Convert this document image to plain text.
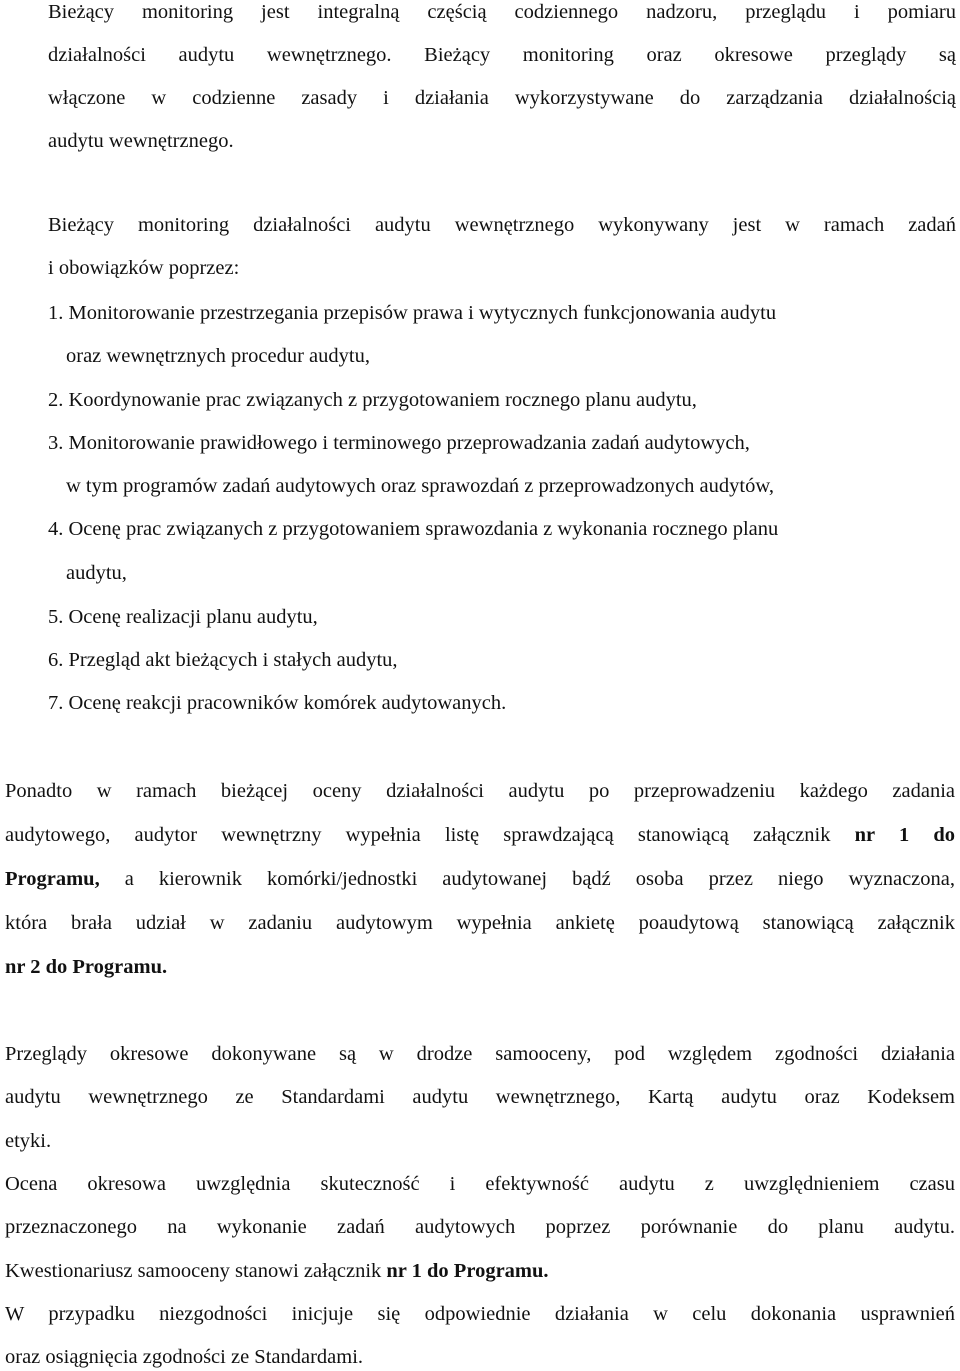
Bieżący monitoring jest integralną częścią codziennego nadzoru, przeglądu i pomiaru
działalności audytu wewnętrznego. Bieżący monitoring oraz okresowe przeglądy są
włączone w codzienne zasady i działania wykorzystywane do zarządzania działalnością
audytu wewnętrznego.
Bieżący monitoring działalności audytu wewnętrznego wykonywany jest w ramach zadań
i obowiązków poprzez:
1. Monitorowanie przestrzegania przepisów prawa i wytycznych funkcjonowania audytu
oraz wewnętrznych procedur audytu,
2. Koordynowanie prac związanych z przygotowaniem rocznego planu audytu,
3. Monitorowanie prawidłowego i terminowego przeprowadzania zadań audytowych,
w tym programów zadań audytowych oraz sprawozdań z przeprowadzonych audytów,
4. Ocenę prac związanych z przygotowaniem sprawozdania z wykonania rocznego planu
audytu,
5. Ocenę realizacji planu audytu,
6. Przegląd akt bieżących i stałych audytu,
7. Ocenę reakcji pracowników komórek audytowanych.
Ponadto w ramach bieżącej oceny działalności audytu po przeprowadzeniu każdego zadania
audytowego, audytor wewnętrzny wypełnia listę sprawdzającą stanowiącą załącznik nr 1 do
Programu, a kierownik komórki/jednostki audytowanej bądź osoba przez niego wyznaczona,
która brała udział w zadaniu audytowym wypełnia ankietę poaudytową stanowiącą załącznik
nr 2 do Programu.
Przeglądy okresowe dokonywane są w drodze samooceny, pod względem zgodności działania
audytu wewnętrznego ze Standardami audytu wewnętrznego, Kartą audytu oraz Kodeksem
etyki.
Ocena okresowa uwzględnia skuteczność i efektywność audytu z uwzględnieniem czasu
przeznaczonego na wykonanie zadań audytowych poprzez porównanie do planu audytu.
Kwestionariusz samooceny stanowi załącznik nr 1 do Programu.
W przypadku niezgodności inicjuje się odpowiednie działania w celu dokonania usprawnień
oraz osiągnięcia zgodności ze Standardami.
